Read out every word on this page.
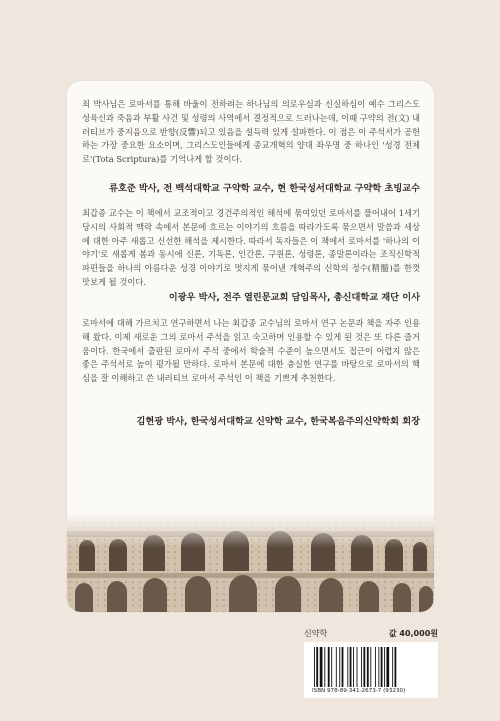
죄 박사님은 로마서를 통해 바울이 전하려는 하나님의 의로우심과 신실하심이 예수 그리스도 성육신과 죽음과 부활 사건 및 성령의 사역에서 결정적으로 드러나는데, 이때 구약의 전(⽂) 내러티브가 중지음으로 반향(反響)되고 있음을 설득력 있게 설파한다. 이 점은 이 주석서가 공헌하는 가장 중요한 요소이며, 그리스도인들에게 종교개혁의 양대 좌우명 중 하나인 '성경 전체로'(Tota Scriptura)를 기억나게 할 것이다.

류호준 박사, 전 백석대학교 구약학 교수, 현 한국성서대학교 구약학 초빙교수

최갑종 교수는 이 책에서 교조적이고 경건주의적인 해석에 묶여있던 로마서를 풀어내어 1세기 당시의 사회적 맥락 속에서 본문에 흐르는 이야기의 흐름을 따라가도록 묶으면서 말씀과 세상에 대한 아주 새롭고 신선한 해석을 제시한다. 따라서 독자들은 이 책에서 로마서를 '하나의 이야기'로 새롭게 봄과 동시에 신론, 기독론, 인간론, 구원론, 성령론, 종말론이라는 조직신학적 파편들을 하나의 아름다운 성경 이야기로 멋지게 묶어낸 개혁주의 신학의 정수(精髓)를 한껏 맛보게 될 것이다.

이광우 박사, 전주 열린문교회 담임목사, 총신대학교 재단 이사

로마서에 대해 가르치고 연구하면서 나는 최갑종 교수님의 로마서 연구 논문과 책을 자주 인용해 왔다. 이제 새로운 그의 로마서 주석을 읽고 숙고하며 인용할 수 있게 된 것은 또 다른 즐거움이다. 한국에서 출판된 로마서 주석 중에서 학술적 수준이 높으면서도 접근이 어렵지 않은 좋은 주석서로 높이 평가될 만하다. 로마서 본문에 대한 충실한 연구를 바탕으로 로마서의 핵심을 잘 이해하고 쓴 내러티브 로마서 주석인 이 책을 기쁘게 추천한다.

김현광 박사, 한국성서대학교 신약학 교수, 한국복음주의신약학회 회장

신약학	값 40,000원
ISBN 978-89-341-2673-7 (93230)
